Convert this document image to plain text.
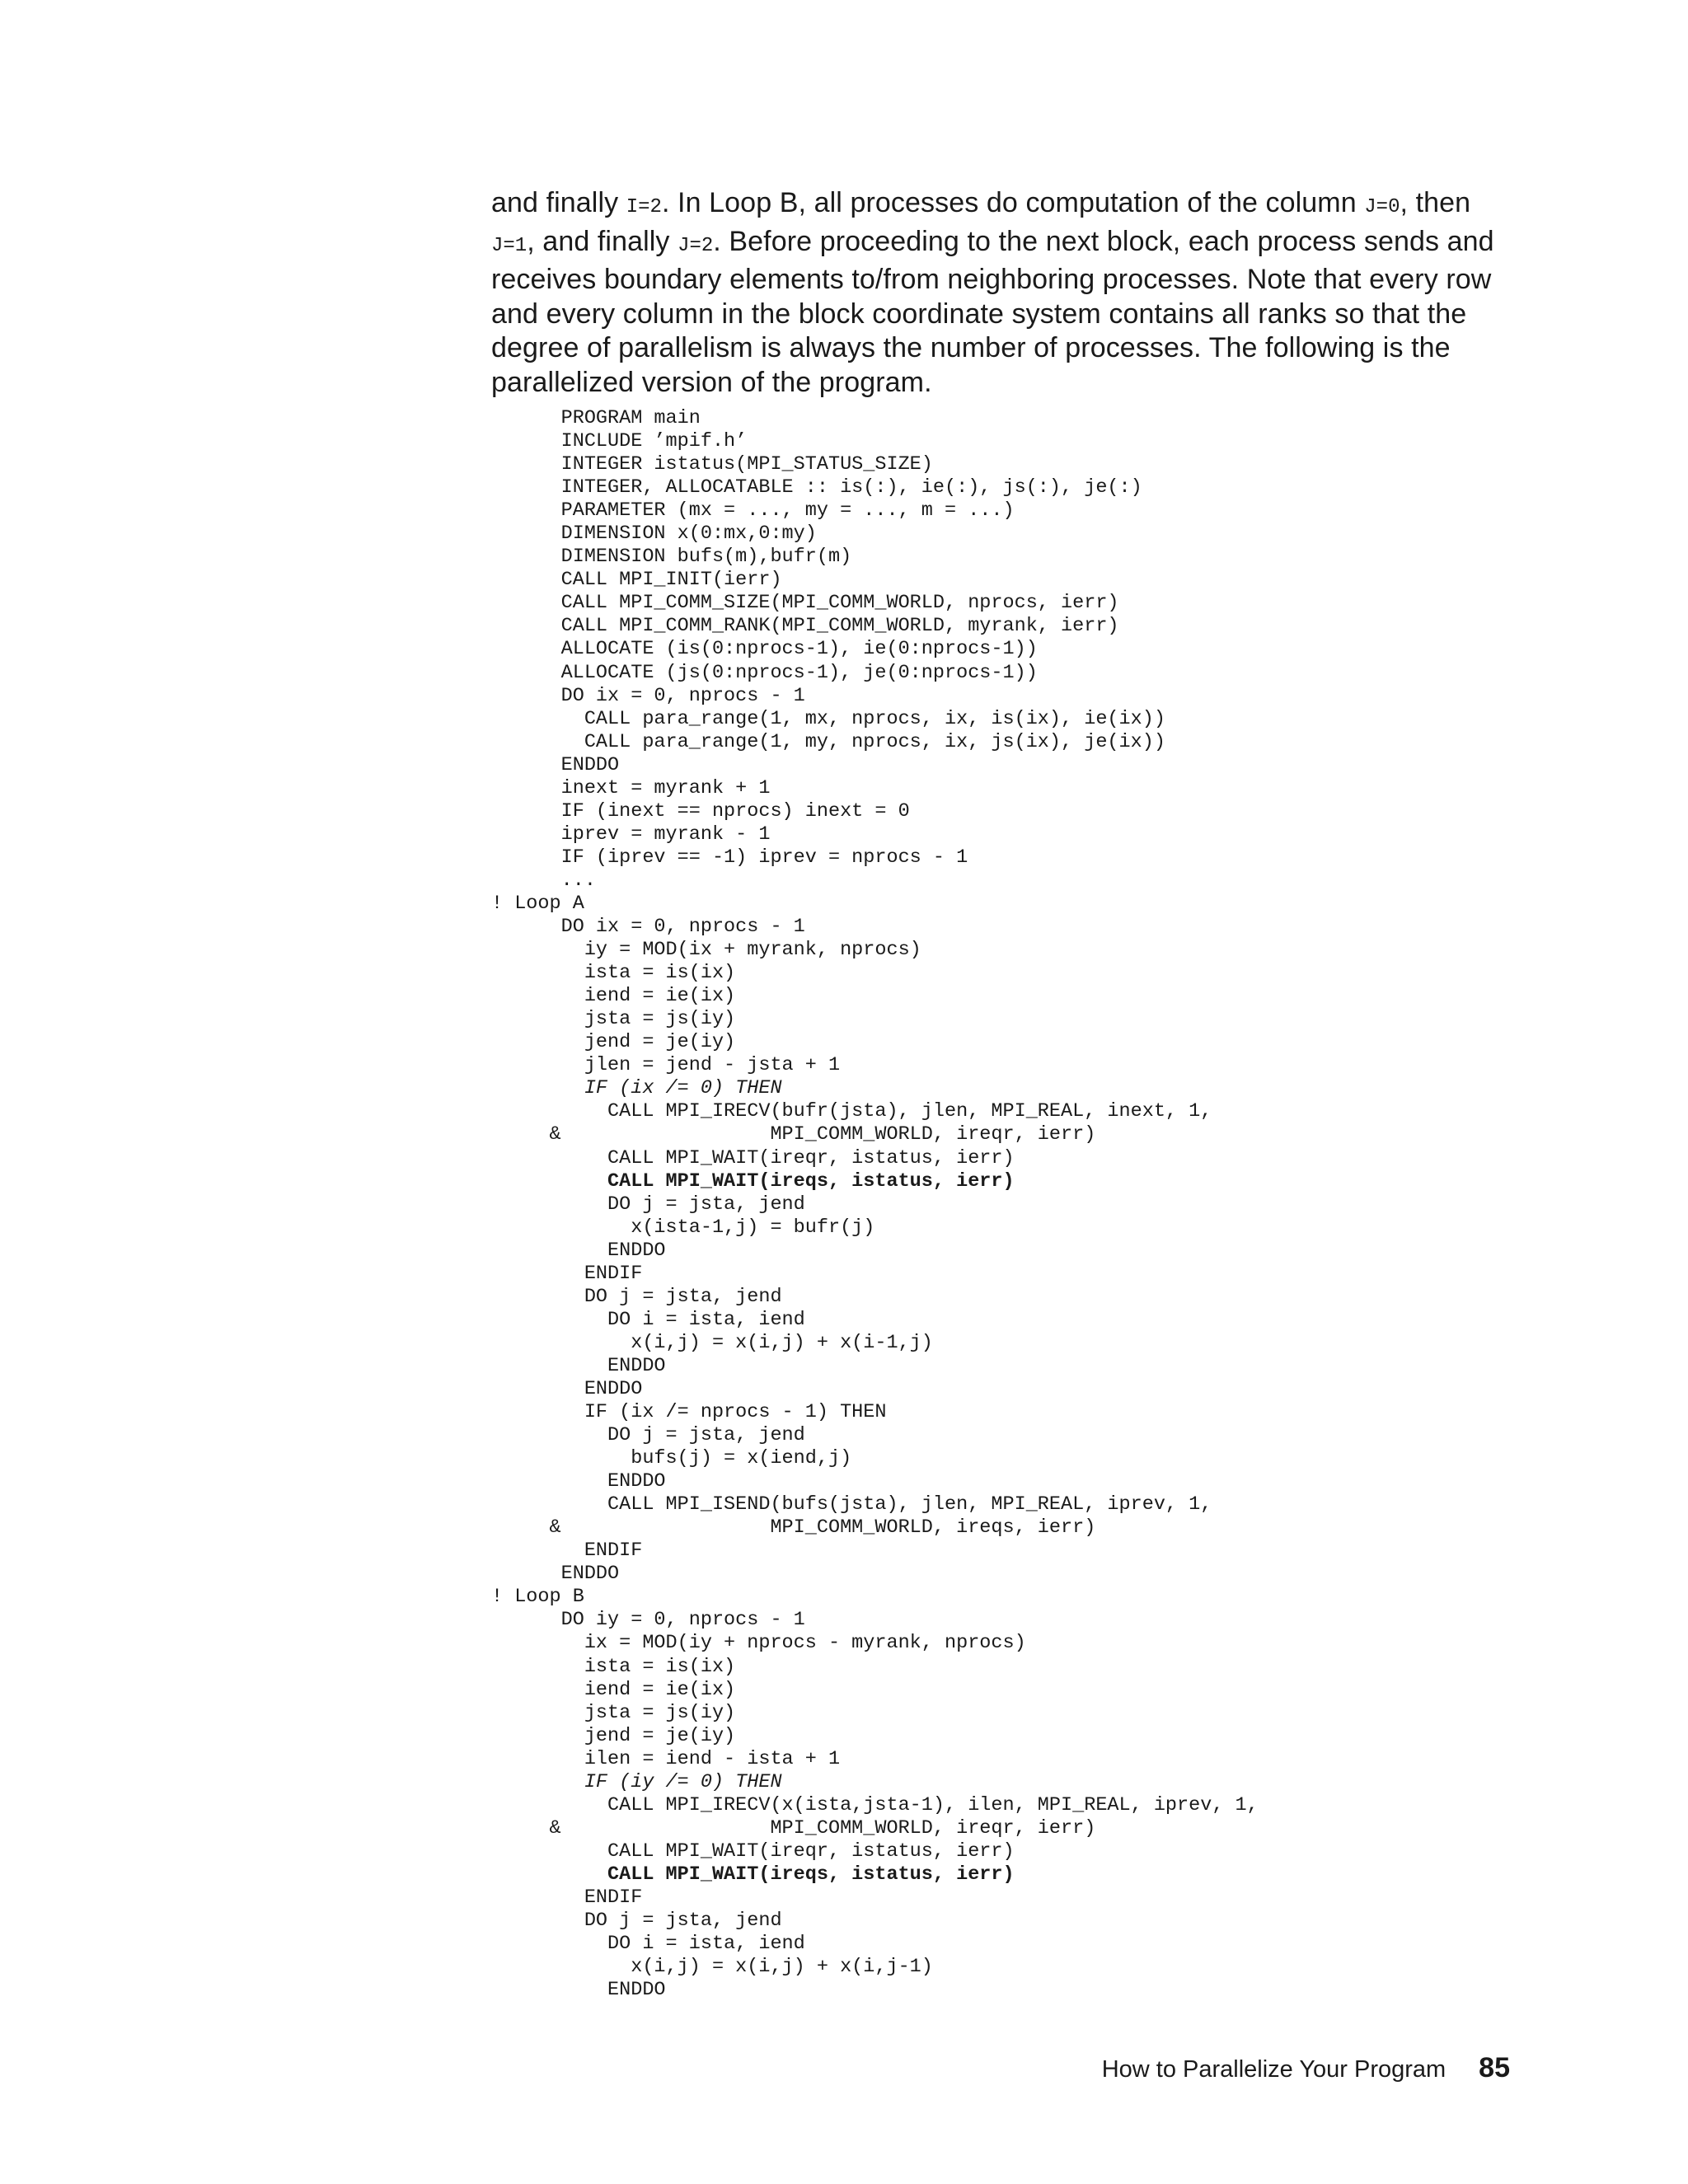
and finally I=2. In Loop B, all processes do computation of the column J=0, then
J=1, and finally J=2. Before proceeding to the next block, each process sends and
receives boundary elements to/from neighboring processes. Note that every row
and every column in the block coordinate system contains all ranks so that the
degree of parallelism is always the number of processes. The following is the
parallelized version of the program.
PROGRAM main
INCLUDE ’mpif.h’
INTEGER istatus(MPI_STATUS_SIZE)
INTEGER, ALLOCATABLE :: is(:), ie(:), js(:), je(:)
PARAMETER (mx = ..., my = ..., m = ...)
DIMENSION x(0:mx,0:my)
DIMENSION bufs(m),bufr(m)
CALL MPI_INIT(ierr)
CALL MPI_COMM_SIZE(MPI_COMM_WORLD, nprocs, ierr)
CALL MPI_COMM_RANK(MPI_COMM_WORLD, myrank, ierr)
ALLOCATE (is(0:nprocs-1), ie(0:nprocs-1))
ALLOCATE (js(0:nprocs-1), je(0:nprocs-1))
DO ix = 0, nprocs - 1
CALL para_range(1, mx, nprocs, ix, is(ix), ie(ix))
CALL para_range(1, my, nprocs, ix, js(ix), je(ix))
ENDDO
inext = myrank + 1
IF (inext == nprocs) inext = 0
iprev = myrank - 1
IF (iprev == -1) iprev = nprocs - 1
...
! Loop A
DO ix = 0, nprocs - 1
iy = MOD(ix + myrank, nprocs)
ista = is(ix)
iend = ie(ix)
jsta = js(iy)
jend = je(iy)
jlen = jend - jsta + 1
IF (ix /= 0) THEN
CALL MPI_IRECV(bufr(jsta), jlen, MPI_REAL, inext, 1,
&                  MPI_COMM_WORLD, ireqr, ierr)
CALL MPI_WAIT(ireqr, istatus, ierr)
CALL MPI_WAIT(ireqs, istatus, ierr)
DO j = jsta, jend
x(ista-1,j) = bufr(j)
ENDDO
ENDIF
DO j = jsta, jend
DO i = ista, iend
x(i,j) = x(i,j) + x(i-1,j)
ENDDO
ENDDO
IF (ix /= nprocs - 1) THEN
DO j = jsta, jend
bufs(j) = x(iend,j)
ENDDO
CALL MPI_ISEND(bufs(jsta), jlen, MPI_REAL, iprev, 1,
&                  MPI_COMM_WORLD, ireqs, ierr)
ENDIF
ENDDO
! Loop B
DO iy = 0, nprocs - 1
ix = MOD(iy + nprocs - myrank, nprocs)
ista = is(ix)
iend = ie(ix)
jsta = js(iy)
jend = je(iy)
ilen = iend - ista + 1
IF (iy /= 0) THEN
CALL MPI_IRECV(x(ista,jsta-1), ilen, MPI_REAL, iprev, 1,
&                  MPI_COMM_WORLD, ireqr, ierr)
CALL MPI_WAIT(ireqr, istatus, ierr)
CALL MPI_WAIT(ireqs, istatus, ierr)
ENDIF
DO j = jsta, jend
DO i = ista, iend
x(i,j) = x(i,j) + x(i,j-1)
ENDDO
How to Parallelize Your Program 85
